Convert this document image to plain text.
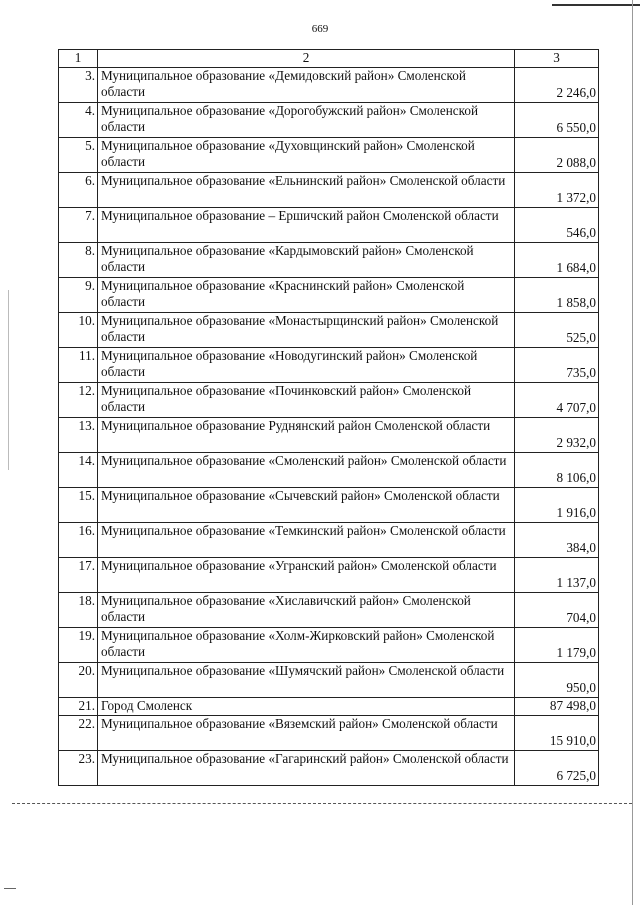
669
1	2	3
3.	Муниципальное образование «Демидовский район» Смоленской области	2 246,0
4.	Муниципальное образование «Дорогобужский район» Смоленской области	6 550,0
5.	Муниципальное образование «Духовщинский район» Смоленской области	2 088,0
6.	Муниципальное образование «Ельнинский район» Смоленской области	1 372,0
7.	Муниципальное образование – Ершичский район Смоленской области	546,0
8.	Муниципальное образование «Кардымовский район» Смоленской области	1 684,0
9.	Муниципальное образование «Краснинский район» Смоленской области	1 858,0
10.	Муниципальное образование «Монастырщинский район» Смоленской области	525,0
11.	Муниципальное образование «Новодугинский район» Смоленской области	735,0
12.	Муниципальное образование «Починковский район» Смоленской области	4 707,0
13.	Муниципальное образование Руднянский район Смоленской области	2 932,0
14.	Муниципальное образование «Смоленский район» Смоленской области	8 106,0
15.	Муниципальное образование «Сычевский район» Смоленской области	1 916,0
16.	Муниципальное образование «Темкинский район» Смоленской области	384,0
17.	Муниципальное образование «Угранский район» Смоленской области	1 137,0
18.	Муниципальное образование «Хиславичский район» Смоленской области	704,0
19.	Муниципальное образование «Холм-Жирковский район» Смоленской области	1 179,0
20.	Муниципальное образование «Шумячский район» Смоленской области	950,0
21.	Город Смоленск	87 498,0
22.	Муниципальное образование «Вяземский район» Смоленской области	15 910,0
23.	Муниципальное образование «Гагаринский район» Смоленской области	6 725,0
